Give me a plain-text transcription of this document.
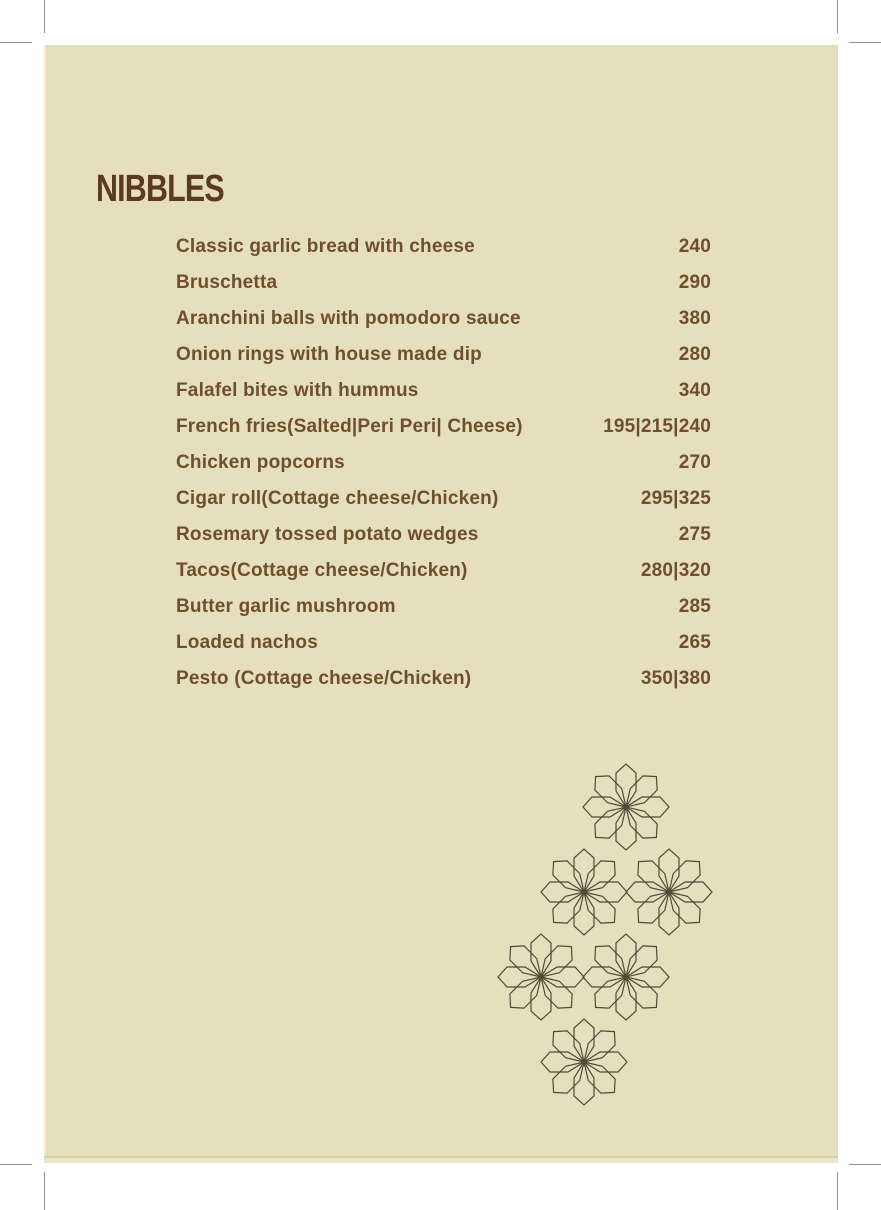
NIBBLES
Classic garlic bread with cheese	240
Bruschetta	290
Aranchini balls with pomodoro sauce	380
Onion rings with house made dip	280
Falafel bites with hummus	340
French fries(Salted|Peri Peri| Cheese)	195|215|240
Chicken popcorns	270
Cigar roll(Cottage cheese/Chicken)	295|325
Rosemary tossed potato wedges	275
Tacos(Cottage cheese/Chicken)	280|320
Butter garlic mushroom	285
Loaded nachos	265
Pesto (Cottage cheese/Chicken)	350|380
